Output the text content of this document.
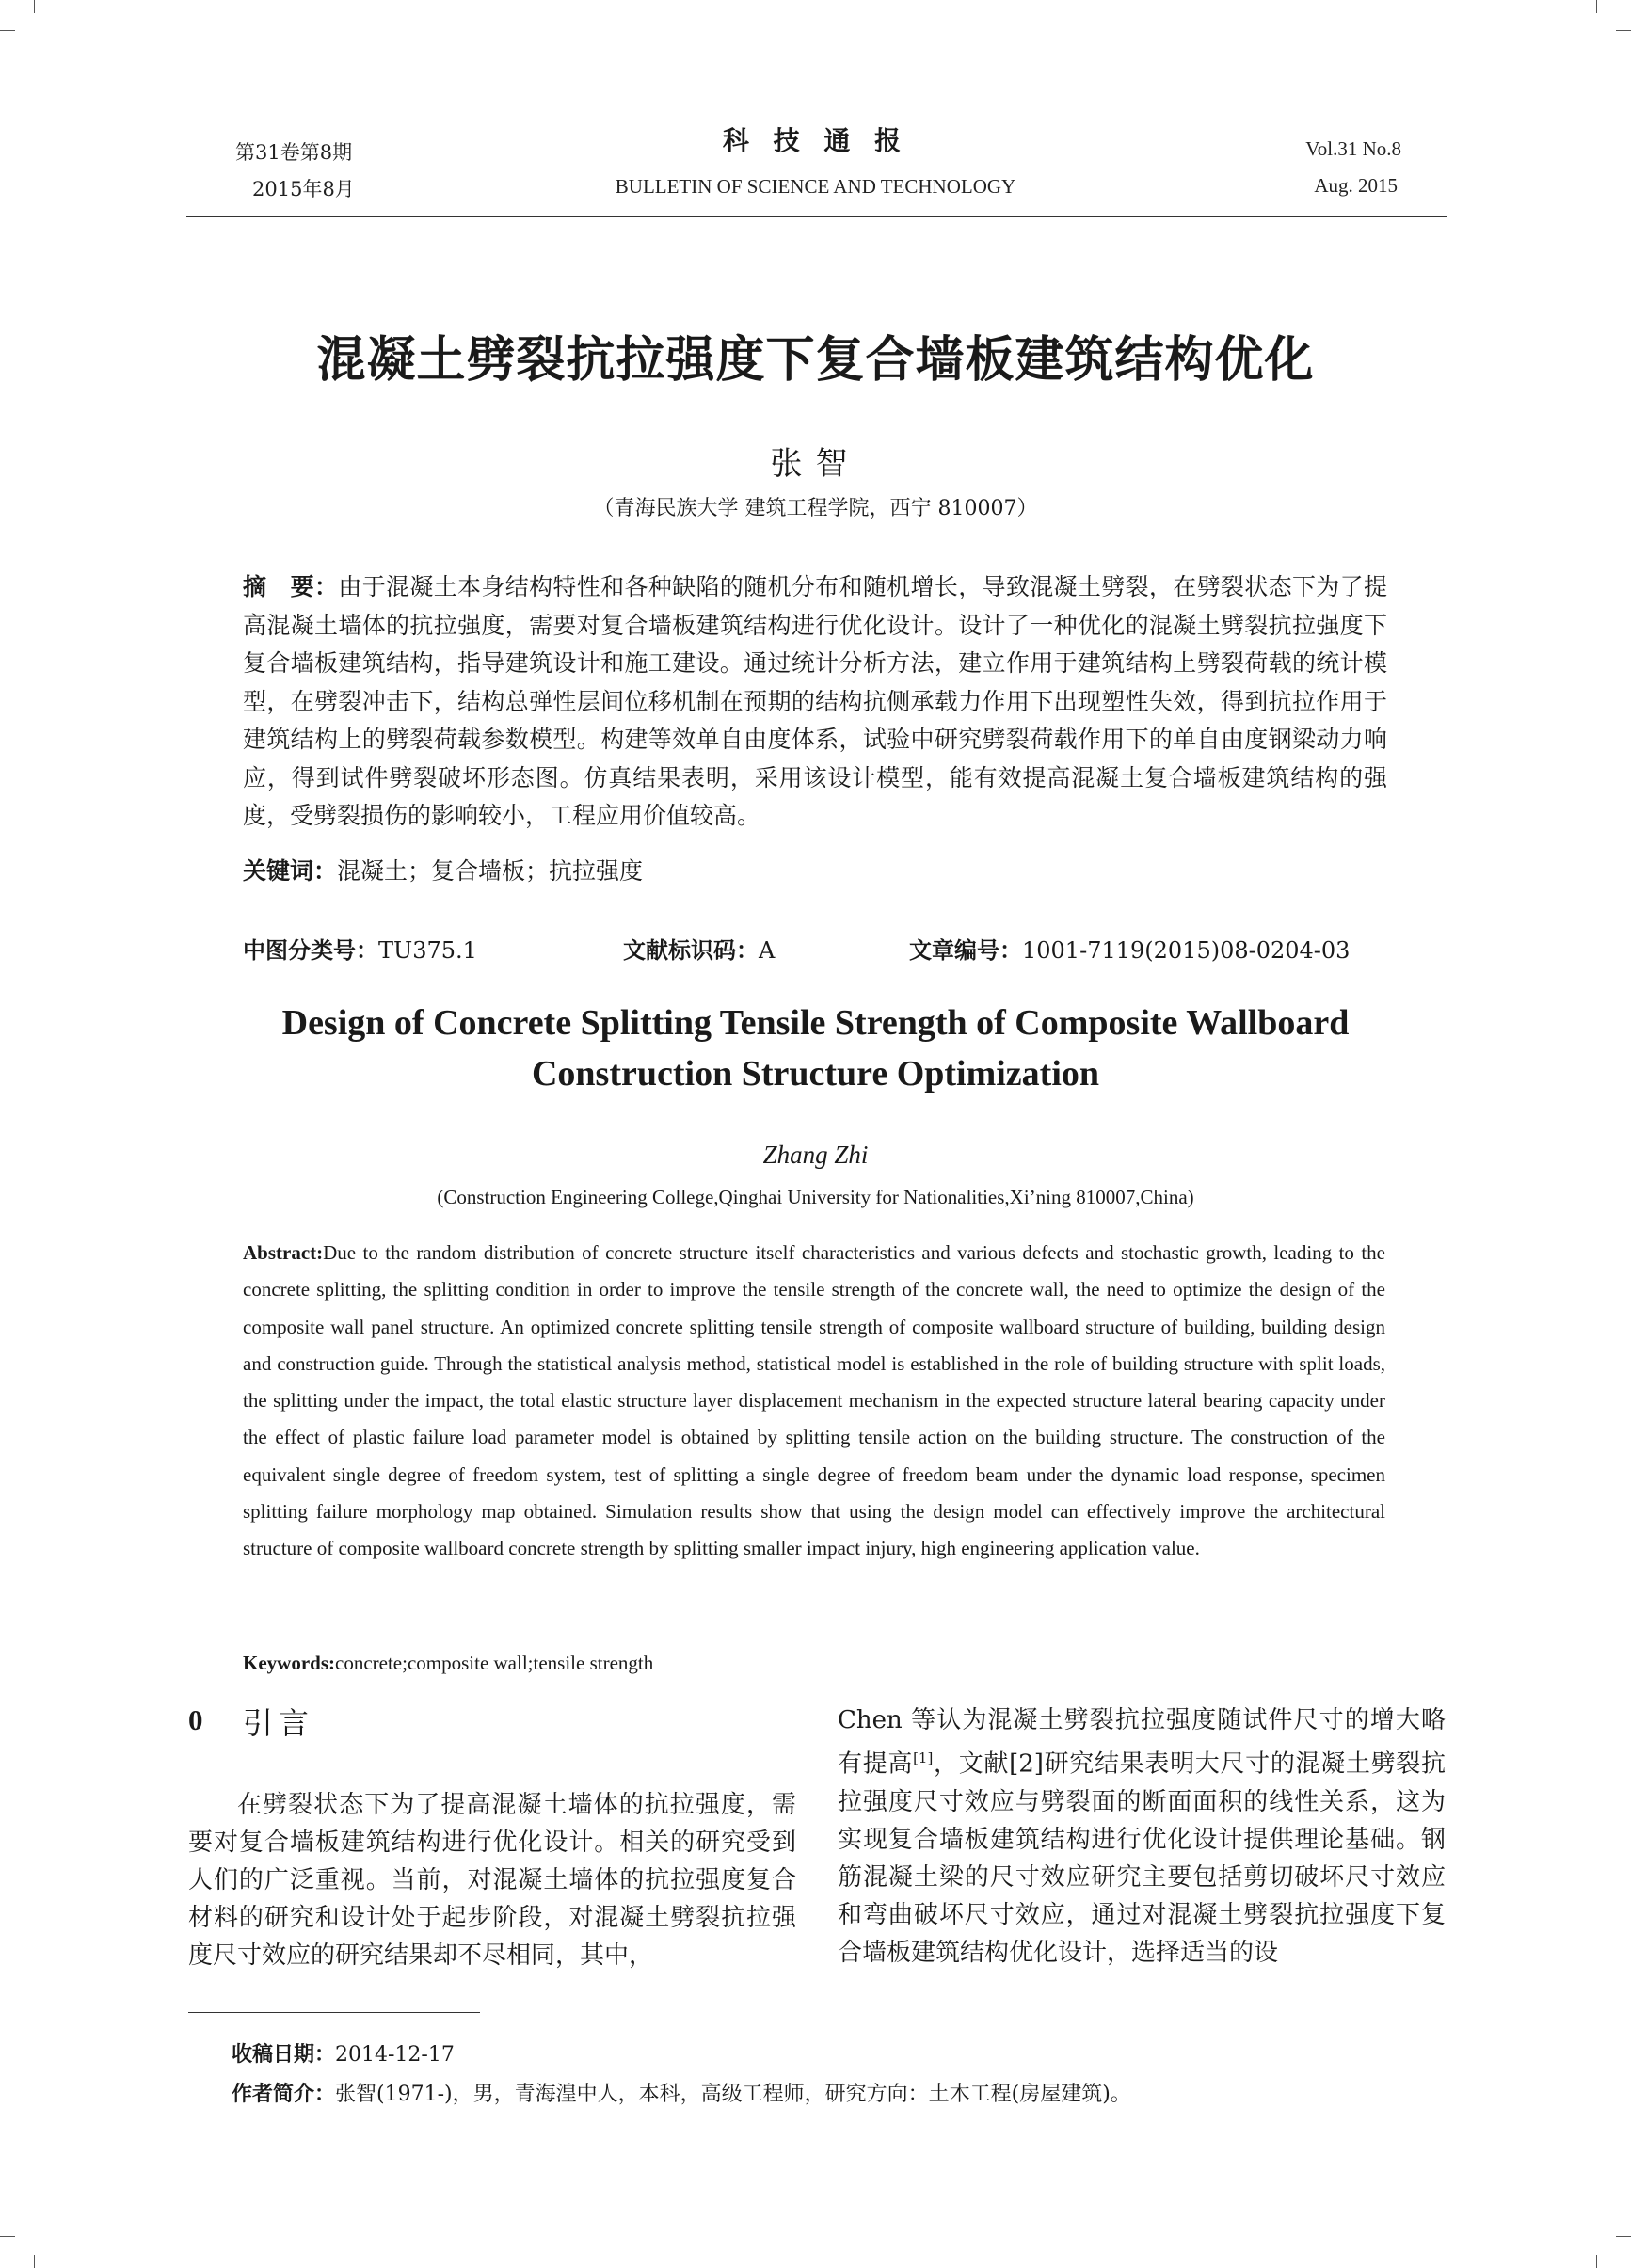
第31卷第8期
2015年8月
科 技 通 报
BULLETIN OF SCIENCE AND TECHNOLOGY
Vol.31 No.8
Aug. 2015
混凝土劈裂抗拉强度下复合墙板建筑结构优化
张智
（青海民族大学 建筑工程学院，西宁 810007）
摘　要：由于混凝土本身结构特性和各种缺陷的随机分布和随机增长，导致混凝土劈裂，在劈裂状态下为了提高混凝土墙体的抗拉强度，需要对复合墙板建筑结构进行优化设计。设计了一种优化的混凝土劈裂抗拉强度下复合墙板建筑结构，指导建筑设计和施工建设。通过统计分析方法，建立作用于建筑结构上劈裂荷载的统计模型，在劈裂冲击下，结构总弹性层间位移机制在预期的结构抗侧承载力作用下出现塑性失效，得到抗拉作用于建筑结构上的劈裂荷载参数模型。构建等效单自由度体系，试验中研究劈裂荷载作用下的单自由度钢梁动力响应，得到试件劈裂破坏形态图。仿真结果表明，采用该设计模型，能有效提高混凝土复合墙板建筑结构的强度，受劈裂损伤的影响较小，工程应用价值较高。
关键词：混凝土；复合墙板；抗拉强度
中图分类号：TU375.1	文献标识码：A	文章编号：1001-7119(2015)08-0204-03
Design of Concrete Splitting Tensile Strength of Composite Wallboard
Construction Structure Optimization
Zhang Zhi
(Construction Engineering College,Qinghai University for Nationalities,Xi’ning 810007,China)
Abstract:Due to the random distribution of concrete structure itself characteristics and various defects and stochastic growth, leading to the concrete splitting, the splitting condition in order to improve the tensile strength of the concrete wall, the need to optimize the design of the composite wall panel structure. An optimized concrete splitting tensile strength of composite wallboard structure of building, building design and construction guide. Through the statistical analysis method, statistical model is established in the role of building structure with split loads, the splitting under the impact, the total elastic structure layer displacement mechanism in the expected structure lateral bearing capacity under the effect of plastic failure load parameter model is obtained by splitting tensile action on the building structure. The construction of the equivalent single degree of freedom system, test of splitting a single degree of freedom beam under the dynamic load response, specimen splitting failure morphology map obtained. Simulation results show that using the design model can effectively improve the architectural structure of composite wallboard concrete strength by splitting smaller impact injury, high engineering application value.
Keywords:concrete;composite wall;tensile strength
0 引言
在劈裂状态下为了提高混凝土墙体的抗拉强度，需要对复合墙板建筑结构进行优化设计。相关的研究受到人们的广泛重视。当前，对混凝土墙体的抗拉强度复合材料的研究和设计处于起步阶段，对混凝土劈裂抗拉强度尺寸效应的研究结果却不尽相同，其中，
Chen 等认为混凝土劈裂抗拉强度随试件尺寸的增大略有提高[1]，文献[2]研究结果表明大尺寸的混凝土劈裂抗拉强度尺寸效应与劈裂面的断面面积的线性关系，这为实现复合墙板建筑结构进行优化设计提供理论基础。钢筋混凝土梁的尺寸效应研究主要包括剪切破坏尺寸效应和弯曲破坏尺寸效应，通过对混凝土劈裂抗拉强度下复合墙板建筑结构优化设计，选择适当的设
收稿日期：2014-12-17
作者简介：张智(1971-)，男，青海湟中人，本科，高级工程师，研究方向：土木工程(房屋建筑)。
